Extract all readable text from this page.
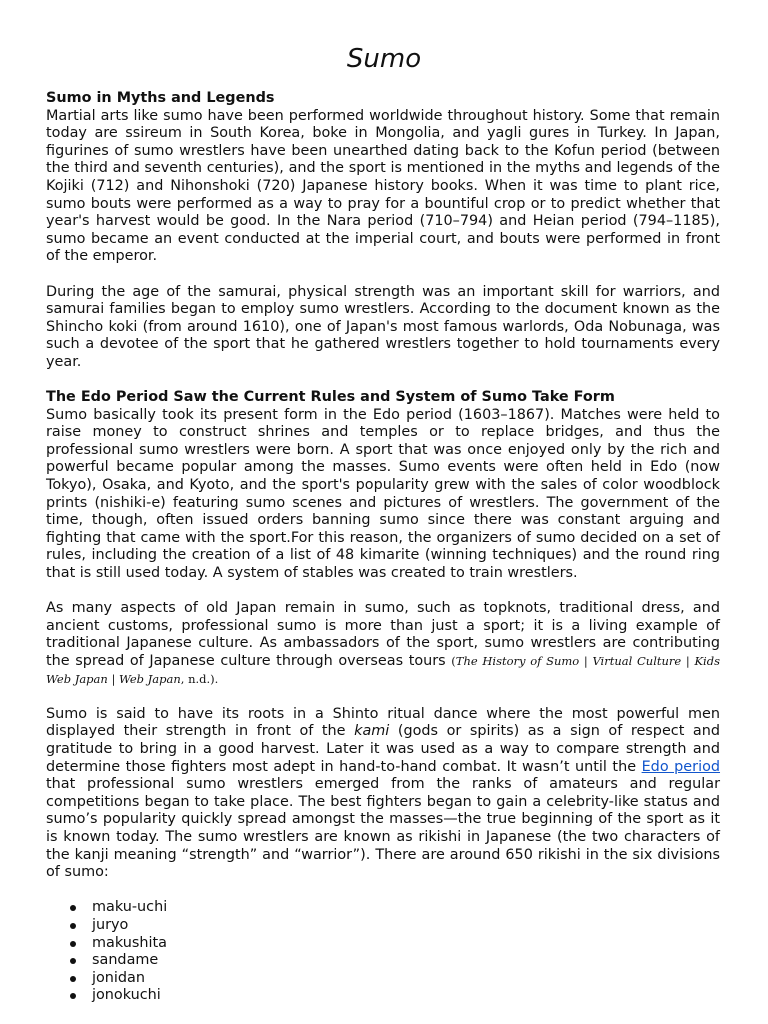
Sumo
Sumo in Myths and Legends

Martial arts like sumo have been performed worldwide throughout history. Some that remain today are ssireum in South Korea, boke in Mongolia, and yagli gures in Turkey. In Japan, figurines of sumo wrestlers have been unearthed dating back to the Kofun period (between the third and seventh centuries), and the sport is mentioned in the myths and legends of the Kojiki (712) and Nihonshoki (720) Japanese history books. When it was time to plant rice, sumo bouts were performed as a way to pray for a bountiful crop or to predict whether that year's harvest would be good. In the Nara period (710–794) and Heian period (794–1185), sumo became an event conducted at the imperial court, and bouts were performed in front of the emperor.

During the age of the samurai, physical strength was an important skill for warriors, and samurai families began to employ sumo wrestlers. According to the document known as the Shincho koki (from around 1610), one of Japan's most famous warlords, Oda Nobunaga, was such a devotee of the sport that he gathered wrestlers together to hold tournaments every year.

The Edo Period Saw the Current Rules and System of Sumo Take Form

Sumo basically took its present form in the Edo period (1603–1867). Matches were held to raise money to construct shrines and temples or to replace bridges, and thus the professional sumo wrestlers were born. A sport that was once enjoyed only by the rich and powerful became popular among the masses. Sumo events were often held in Edo (now Tokyo), Osaka, and Kyoto, and the sport's popularity grew with the sales of color woodblock prints (nishiki-e) featuring sumo scenes and pictures of wrestlers. The government of the time, though, often issued orders banning sumo since there was constant arguing and fighting that came with the sport.For this reason, the organizers of sumo decided on a set of rules, including the creation of a list of 48 kimarite (winning techniques) and the round ring that is still used today. A system of stables was created to train wrestlers.

As many aspects of old Japan remain in sumo, such as topknots, traditional dress, and ancient customs, professional sumo is more than just a sport; it is a living example of traditional Japanese culture. As ambassadors of the sport, sumo wrestlers are contributing the spread of Japanese culture through overseas tours (The History of Sumo | Virtual Culture | Kids Web Japan | Web Japan, n.d.).

Sumo is said to have its roots in a Shinto ritual dance where the most powerful men displayed their strength in front of the kami (gods or spirits) as a sign of respect and gratitude to bring in a good harvest. Later it was used as a way to compare strength and determine those fighters most adept in hand-to-hand combat. It wasn’t until the Edo period that professional sumo wrestlers emerged from the ranks of amateurs and regular competitions began to take place. The best fighters began to gain a celebrity-like status and sumo’s popularity quickly spread amongst the masses—the true beginning of the sport as it is known today. The sumo wrestlers are known as rikishi in Japanese (the two characters of the kanji meaning “strength” and “warrior”). There are around 650 rikishi in the six divisions of sumo:

maku-uchi
juryo
makushita
sandame
jonidan
jonokuchi
